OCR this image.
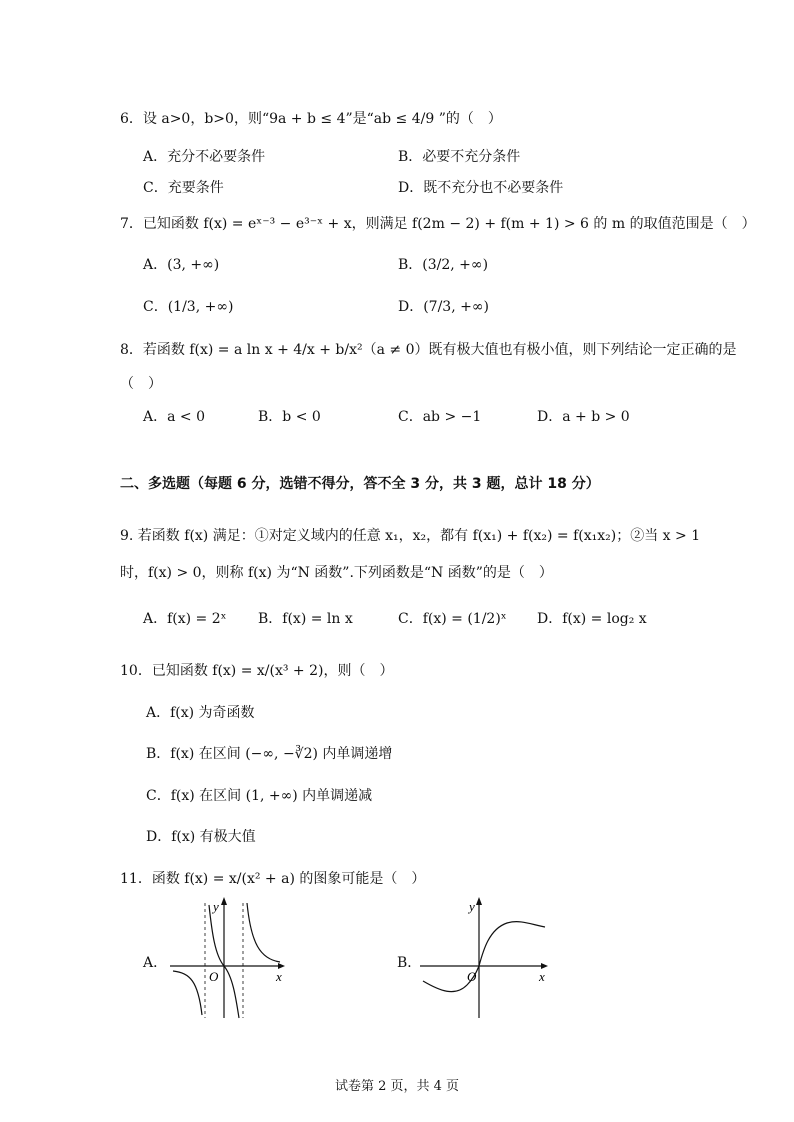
6．设 a>0，b>0，则“9a + b ≤ 4”是“ab ≤ 4/9 ”的（　）
A．充分不必要条件	B．必要不充分条件
C．充要条件	D．既不充分也不必要条件
7．已知函数 f(x) = eˣ⁻³ − e³⁻ˣ + x，则满足 f(2m − 2) + f(m + 1) > 6 的 m 的取值范围是（　）
A．(3, +∞)	B．(3/2, +∞)
C．(1/3, +∞)	D．(7/3, +∞)
8．若函数 f(x) = a ln x + 4/x + b/x²（a ≠ 0）既有极大值也有极小值，则下列结论一定正确的是
（　）
A．a < 0	B．b < 0	C．ab > −1	D．a + b > 0
二、多选题（每题 6 分，选错不得分，答不全 3 分，共 3 题，总计 18 分）
9. 若函数 f(x) 满足：①对定义域内的任意 x₁，x₂，都有 f(x₁) + f(x₂) = f(x₁x₂)；②当 x > 1
时，f(x) > 0，则称 f(x) 为“N 函数”.下列函数是“N 函数”的是（　）
A．f(x) = 2ˣ B．f(x) = ln x	C．f(x) = (1/2)ˣ D．f(x) = log₂ x
10．已知函数 f(x) = x/(x³ + 2)，则（　）
A．f(x) 为奇函数
B．f(x) 在区间 (−∞, −∛2) 内单调递增
C．f(x) 在区间 (1, +∞) 内单调递减
D．f(x) 有极大值
11．函数 f(x) = x/(x² + a) 的图象可能是（　）
A．	B．
y
x
O
y
x
O
试卷第 2 页，共 4 页
